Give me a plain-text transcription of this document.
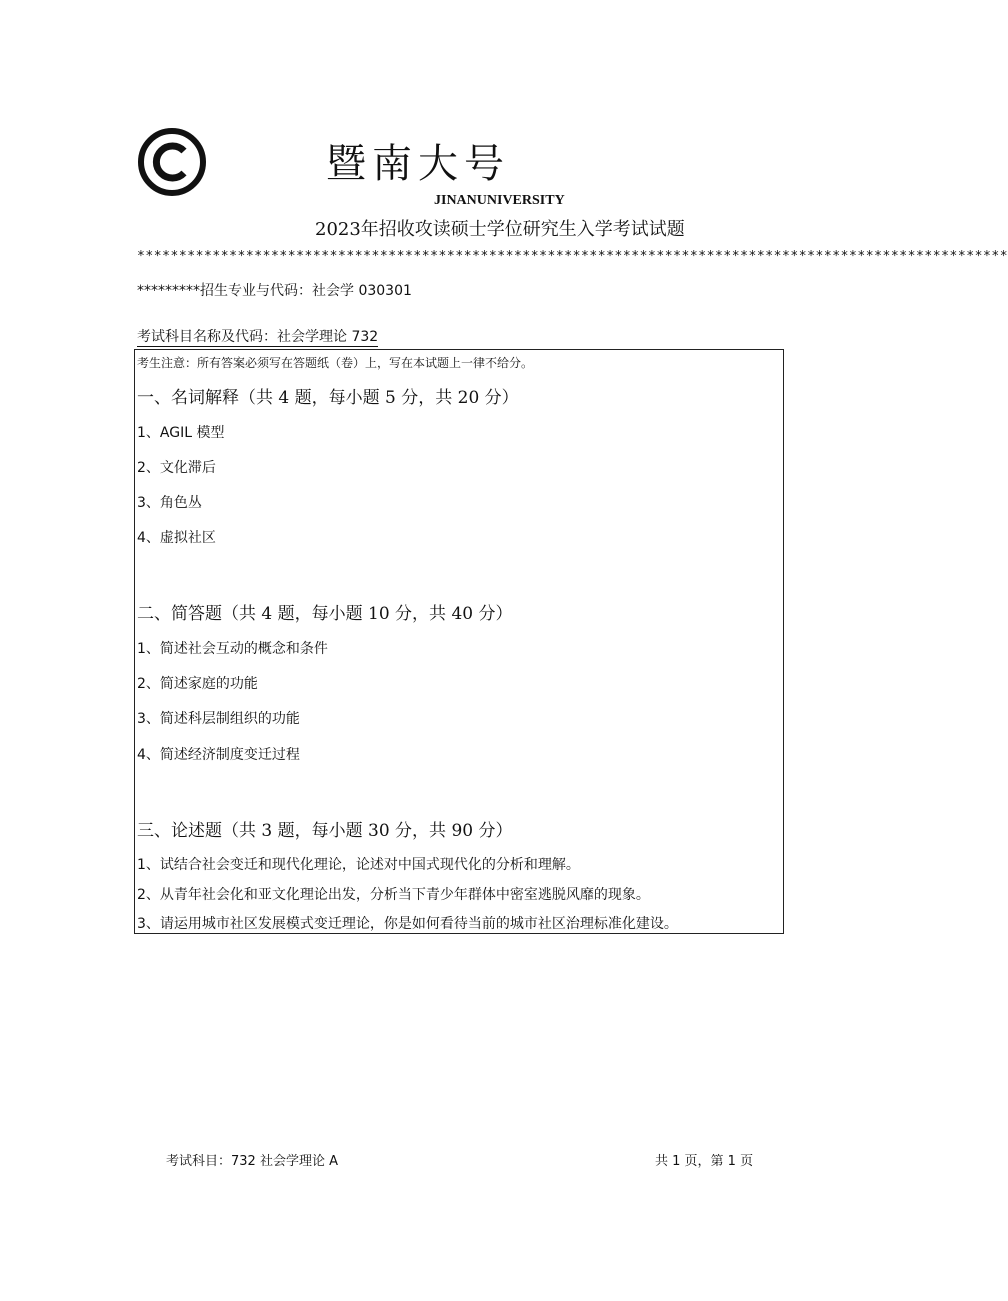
暨南大号
JINANUNIVERSITY
2023年招收攻读硕士学位研究生入学考试试题
********************************************************************************************************
*********招生专业与代码：社会学 030301
考试科目名称及代码：社会学理论 732
考生注意：所有答案必须写在答题纸（卷）上，写在本试题上一律不给分。
一、名词解释（共 4 题，每小题 5 分，共 20 分）
1、AGIL 模型
2、文化滞后
3、角色丛
4、虚拟社区
二、简答题（共 4 题，每小题 10 分，共 40 分）
1、简述社会互动的概念和条件
2、简述家庭的功能
3、简述科层制组织的功能
4、简述经济制度变迁过程
三、论述题（共 3 题，每小题 30 分，共 90 分）
1、试结合社会变迁和现代化理论，论述对中国式现代化的分析和理解。
2、从青年社会化和亚文化理论出发，分析当下青少年群体中密室逃脱风靡的现象。
3、请运用城市社区发展模式变迁理论，你是如何看待当前的城市社区治理标准化建设。
考试科目：732 社会学理论 A	共 1 页，第 1 页
